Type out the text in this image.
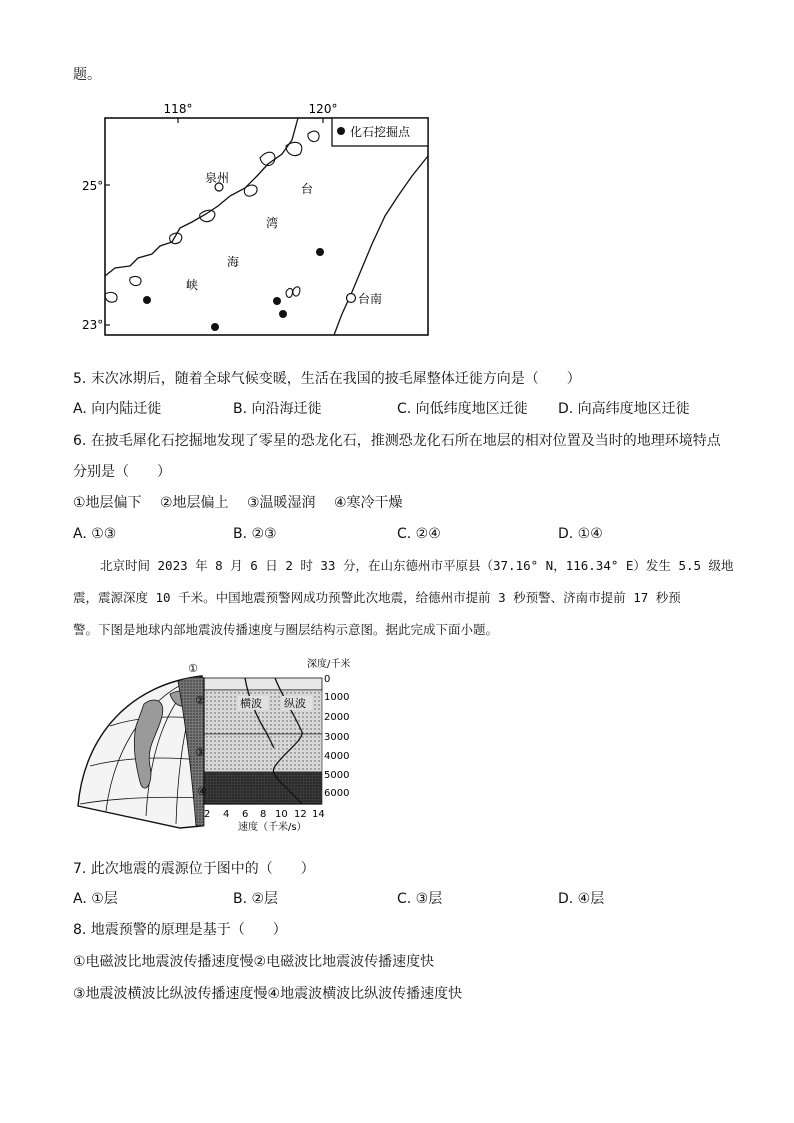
题。
118°	120°
25°
23°
化石挖掘点
泉州
台南
台
湾
海
峡
5. 末次冰期后，随着全球气候变暖，生活在我国的披毛犀整体迁徙方向是（　　）
A. 向内陆迁徙	B. 向沿海迁徙	C. 向低纬度地区迁徙 D. 向高纬度地区迁徙
6. 在披毛犀化石挖掘地发现了零星的恐龙化石，推测恐龙化石所在地层的相对位置及当时的地理环境特点
分别是（　　）
①地层偏下　 ②地层偏上　 ③温暖湿润　 ④寒冷干燥
A. ①③	B. ②③	C. ②④	D. ①④
北京时间 2023 年 8 月 6 日 2 时 33 分，在山东德州市平原县（37.16° N，116.34° E）发生 5.5 级地
震，震源深度 10 千米。中国地震预警网成功预警此次地震，给德州市提前 3 秒预警、济南市提前 17 秒预
警。下图是地球内部地震波传播速度与圈层结构示意图。据此完成下面小题。
横波 纵波
深度/千米
0
1000
2000
3000
4000
5000
6000
2 4 6 8 10 12 14
速度（千米/s）
①
②
③
④
7. 此次地震的震源位于图中的（　　）
A. ①层	B. ②层	C. ③层	D. ④层
8. 地震预警的原理是基于（　　）
①电磁波比地震波传播速度慢②电磁波比地震波传播速度快
③地震波横波比纵波传播速度慢④地震波横波比纵波传播速度快
